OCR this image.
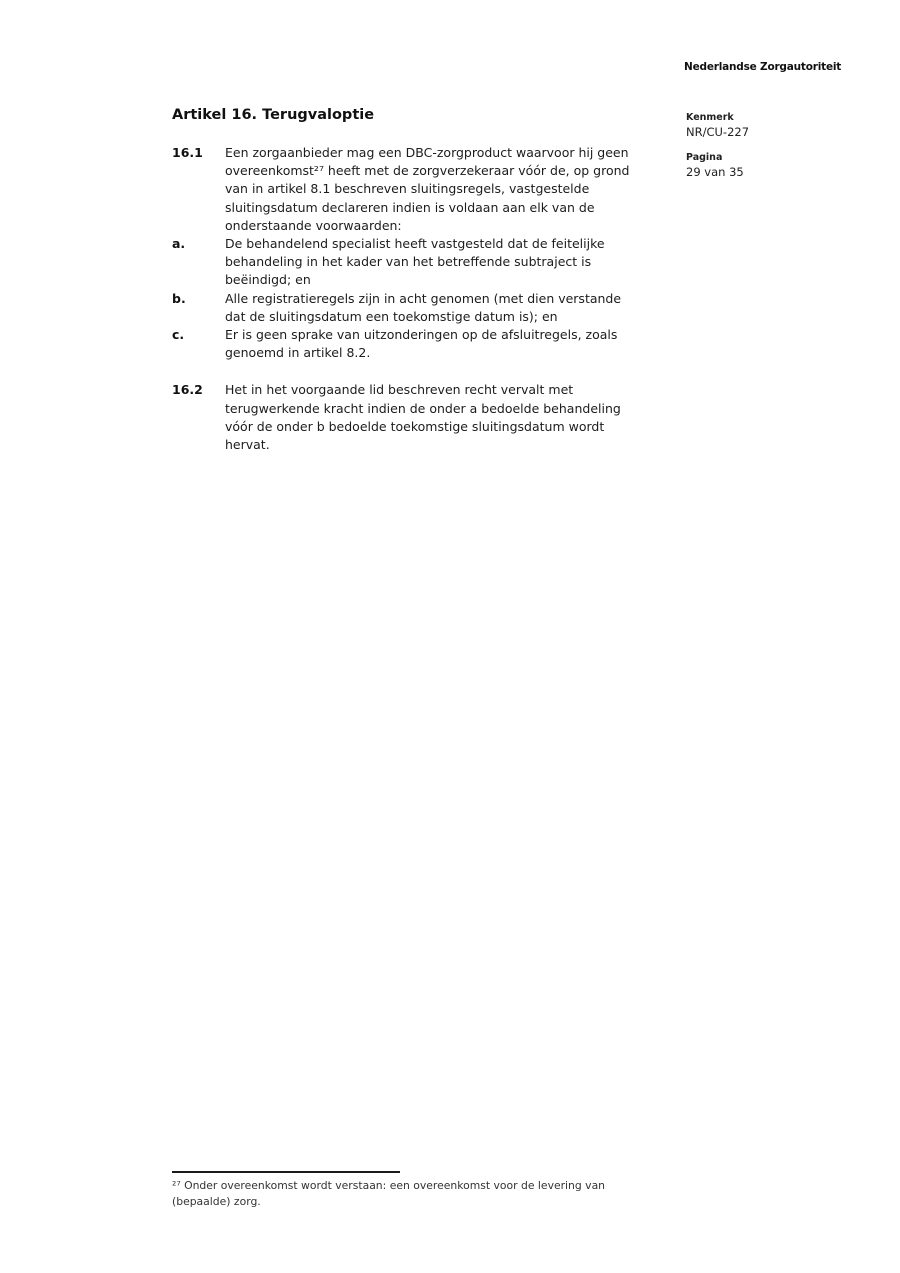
Nederlandse Zorgautoriteit
Kenmerk
NR/CU-227
Pagina
29 van 35
Artikel 16. Terugvaloptie
16.1	Een zorgaanbieder mag een DBC-zorgproduct waarvoor hij geen
overeenkomst²⁷ heeft met de zorgverzekeraar vóór de, op grond
van in artikel 8.1 beschreven sluitingsregels, vastgestelde
sluitingsdatum declareren indien is voldaan aan elk van de
onderstaande voorwaarden:
a.	De behandelend specialist heeft vastgesteld dat de feitelijke
behandeling in het kader van het betreffende subtraject is
beëindigd; en
b.	Alle registratieregels zijn in acht genomen (met dien verstande
dat de sluitingsdatum een toekomstige datum is); en
c.	Er is geen sprake van uitzonderingen op de afsluitregels, zoals
genoemd in artikel 8.2.
16.2	Het in het voorgaande lid beschreven recht vervalt met
terugwerkende kracht indien de onder a bedoelde behandeling
vóór de onder b bedoelde toekomstige sluitingsdatum wordt
hervat.
²⁷ Onder overeenkomst wordt verstaan: een overeenkomst voor de levering van
(bepaalde) zorg.
